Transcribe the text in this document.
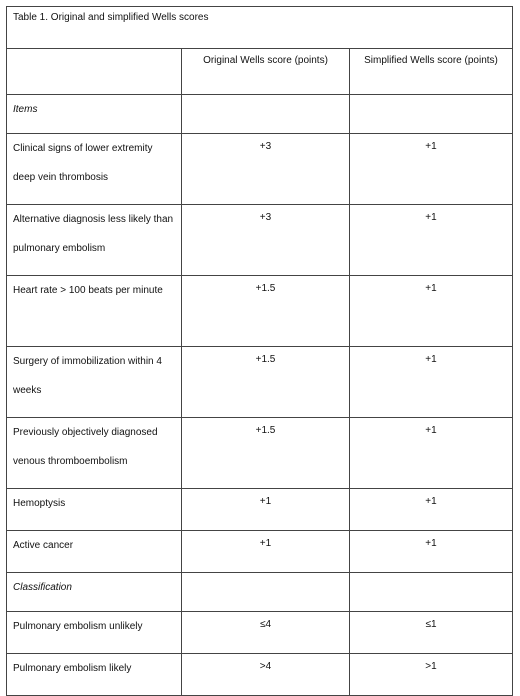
Table 1. Original and simplified Wells scores		

	Original Wells score (points)	Simplified Wells score (points)

Items		

Clinical signs of lower extremity deep vein thrombosis	+3	+1

Alternative diagnosis less likely than pulmonary embolism	+3	+1

Heart rate > 100 beats per minute	+1.5	+1

Surgery of immobilization within 4 weeks	+1.5	+1

Previously objectively diagnosed venous thromboembolism	+1.5	+1

Hemoptysis	+1	+1

Active cancer	+1	+1

Classification		

Pulmonary embolism unlikely	≤4	≤1

Pulmonary embolism likely	>4	>1
